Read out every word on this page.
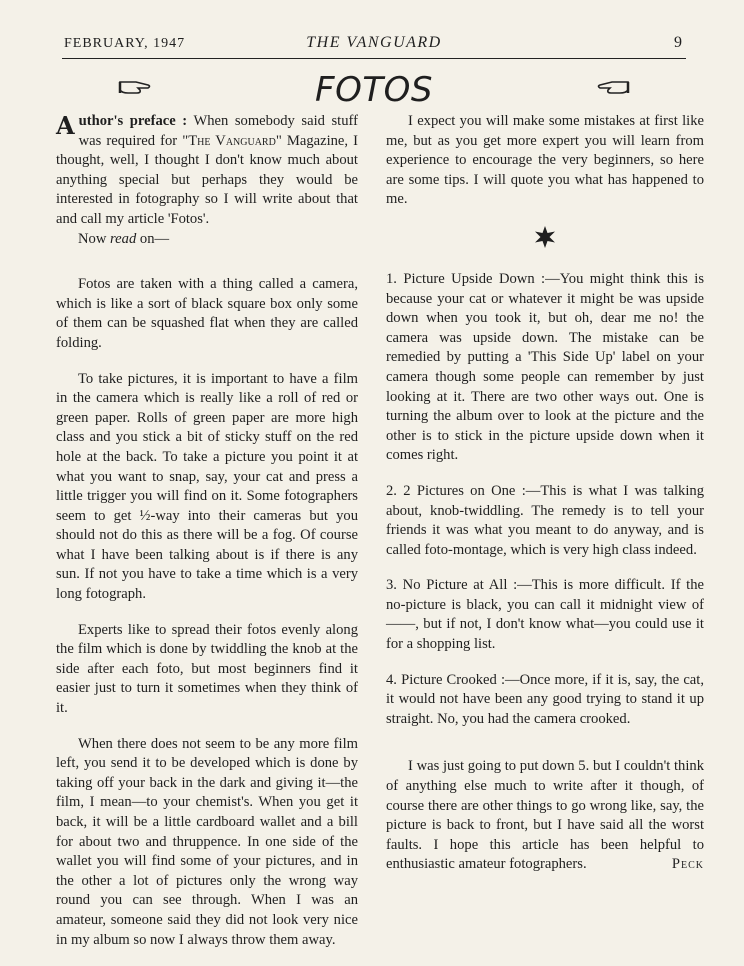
FEBRUARY, 1947	THE VANGUARD	9
FOTOS

Author's preface : When somebody said stuff was required for "The Vanguard" Magazine, I thought, well, I thought I don't know much about anything special but perhaps they would be interested in fotography so I will write about that and call my article 'Fotos'.
Now read on—

Fotos are taken with a thing called a camera, which is like a sort of black square box only some of them can be squashed flat when they are called folding.

To take pictures, it is important to have a film in the camera which is really like a roll of red or green paper. Rolls of green paper are more high class and you stick a bit of sticky stuff on the red hole at the back. To take a picture you point it at what you want to snap, say, your cat and press a little trigger you will find on it. Some fotographers seem to get ½-way into their cameras but you should not do this as there will be a fog. Of course what I have been talking about is if there is any sun. If not you have to take a time which is a very long fotograph.

Experts like to spread their fotos evenly along the film which is done by twiddling the knob at the side after each foto, but most beginners find it easier just to turn it sometimes when they think of it.

When there does not seem to be any more film left, you send it to be developed which is done by taking off your back in the dark and giving it—the film, I mean—to your chemist's. When you get it back, it will be a little cardboard wallet and a bill for about two and thruppence. In one side of the wallet you will find some of your pictures, and in the other a lot of pictures only the wrong way round you can see through. When I was an amateur, someone said they did not look very nice in my album so now I always throw them away.

I expect you will make some mistakes at first like me, but as you get more expert you will learn from experience to encourage the very beginners, so here are some tips. I will quote you what has happened to me.

1. Picture Upside Down :—You might think this is because your cat or whatever it might be was upside down when you took it, but oh, dear me no! the camera was upside down. The mistake can be remedied by putting a 'This Side Up' label on your camera though some people can remember by just looking at it. There are two other ways out. One is turning the album over to look at the picture and the other is to stick in the picture upside down when it comes right.

2. 2 Pictures on One :—This is what I was talking about, knob-twiddling. The remedy is to tell your friends it was what you meant to do anyway, and is called foto-montage, which is very high class indeed.

3. No Picture at All :—This is more difficult. If the no-picture is black, you can call it midnight view of ——, but if not, I don't know what—you could use it for a shopping list.

4. Picture Crooked :—Once more, if it is, say, the cat, it would not have been any good trying to stand it up straight. No, you had the camera crooked.

I was just going to put down 5. but I couldn't think of anything else much to write after it though, of course there are other things to go wrong like, say, the picture is back to front, but I have said all the worst faults. I hope this article has been helpful to enthusiastic amateur fotographers.	Peck
